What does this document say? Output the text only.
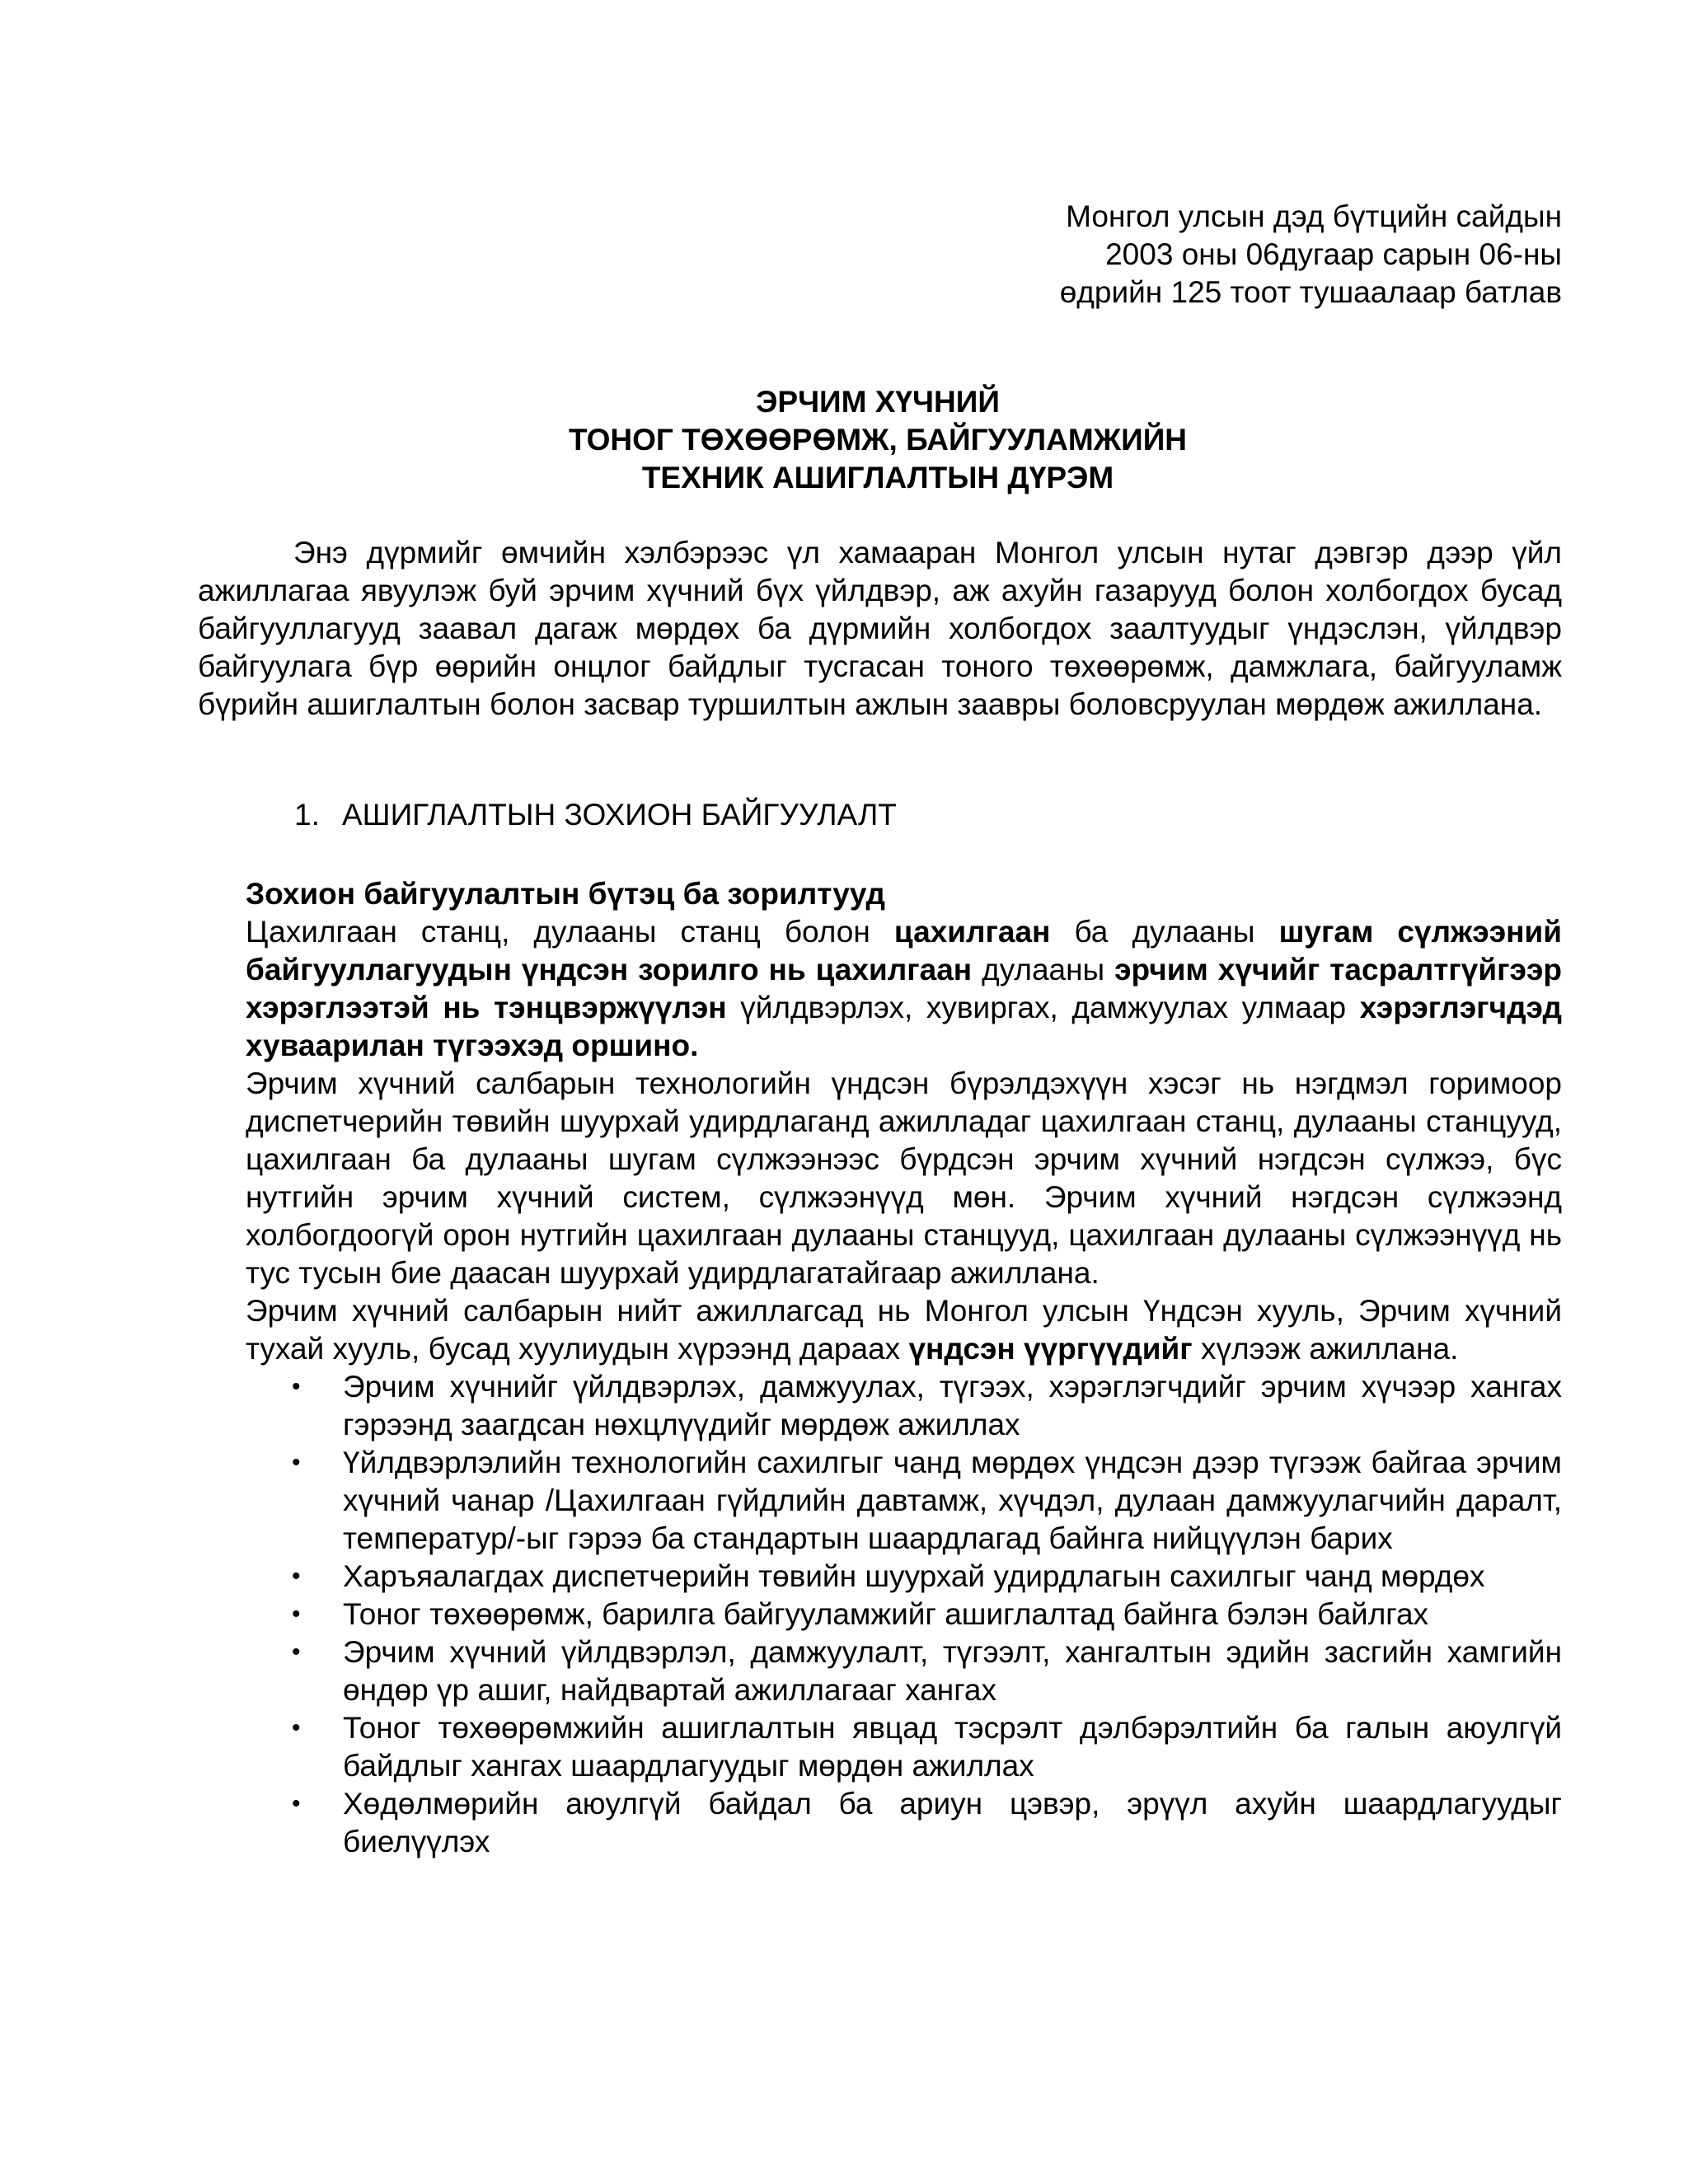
Монгол улсын дэд бүтцийн сайдын
2003 оны 06дугаар сарын 06-ны
өдрийн 125 тоот тушаалаар батлав
ЭРЧИМ ХҮЧНИЙ
ТОНОГ ТӨХӨӨРӨМЖ, БАЙГУУЛАМЖИЙН
ТЕХНИК АШИГЛАЛТЫН ДҮРЭМ

Энэ дүрмийг өмчийн хэлбэрээс үл хамааран Монгол улсын нутаг дэвгэр дээр үйл ажиллагаа явуулэж буй эрчим хүчний бүх үйлдвэр, аж ахуйн газарууд болон холбогдох бусад байгууллагууд заавал дагаж мөрдөх ба дүрмийн холбогдох заалтуудыг үндэслэн, үйлдвэр байгуулага бүр өөрийн онцлог байдлыг тусгасан тоного төхөөрөмж, дамжлага, байгууламж бүрийн ашиглалтын болон засвар туршилтын ажлын заавры боловсруулан мөрдөж ажиллана.

1. АШИГЛАЛТЫН ЗОХИОН БАЙГУУЛАЛТ

Зохион байгуулалтын бүтэц ба зорилтууд

Цахилгаан станц, дулааны станц болон цахилгаан ба дулааны шугам сүлжээний байгууллагуудын үндсэн зорилго нь цахилгаан дулааны эрчим хүчийг тасралтгүйгээр хэрэглээтэй нь тэнцвэржүүлэн үйлдвэрлэх, хувиргах, дамжуулах улмаар хэрэглэгчдэд хуваарилан түгээхэд оршино.

Эрчим хүчний салбарын технологийн үндсэн бүрэлдэхүүн хэсэг нь нэгдмэл горимоор диспетчерийн төвийн шуурхай удирдлаганд ажилладаг цахилгаан станц, дулааны станцууд, цахилгаан ба дулааны шугам сүлжээнээс бүрдсэн эрчим хүчний нэгдсэн сүлжээ, бүс нутгийн эрчим хүчний систем, сүлжээнүүд мөн. Эрчим хүчний нэгдсэн сүлжээнд холбогдоогүй орон нутгийн цахилгаан дулааны станцууд, цахилгаан дулааны сүлжээнүүд нь тус тусын бие даасан шуурхай удирдлагатайгаар ажиллана.

Эрчим хүчний салбарын нийт ажиллагсад нь Монгол улсын Үндсэн хууль, Эрчим хүчний тухай хууль, бусад хуулиудын хүрээнд дараах үндсэн үүргүүдийг хүлээж ажиллана.

• Эрчим хүчнийг үйлдвэрлэх, дамжуулах, түгээх, хэрэглэгчдийг эрчим хүчээр хангах гэрээнд заагдсан нөхцлүүдийг мөрдөж ажиллах
• Үйлдвэрлэлийн технологийн сахилгыг чанд мөрдөх үндсэн дээр түгээж байгаа эрчим хүчний чанар /Цахилгаан гүйдлийн давтамж, хүчдэл, дулаан дамжуулагчийн даралт, температур/-ыг гэрээ ба стандартын шаардлагад байнга нийцүүлэн барих
• Харъяалагдах диспетчерийн төвийн шуурхай удирдлагын сахилгыг чанд мөрдөх
• Тоног төхөөрөмж, барилга байгууламжийг ашиглалтад байнга бэлэн байлгах
• Эрчим хүчний үйлдвэрлэл, дамжуулалт, түгээлт, хангалтын эдийн засгийн хамгийн өндөр үр ашиг, найдвартай ажиллагааг хангах
• Тоног төхөөрөмжийн ашиглалтын явцад тэсрэлт дэлбэрэлтийн ба галын аюулгүй байдлыг хангах шаардлагуудыг мөрдөн ажиллах
• Хөдөлмөрийн аюулгүй байдал ба ариун цэвэр, эрүүл ахуйн шаардлагуудыг биелүүлэх
